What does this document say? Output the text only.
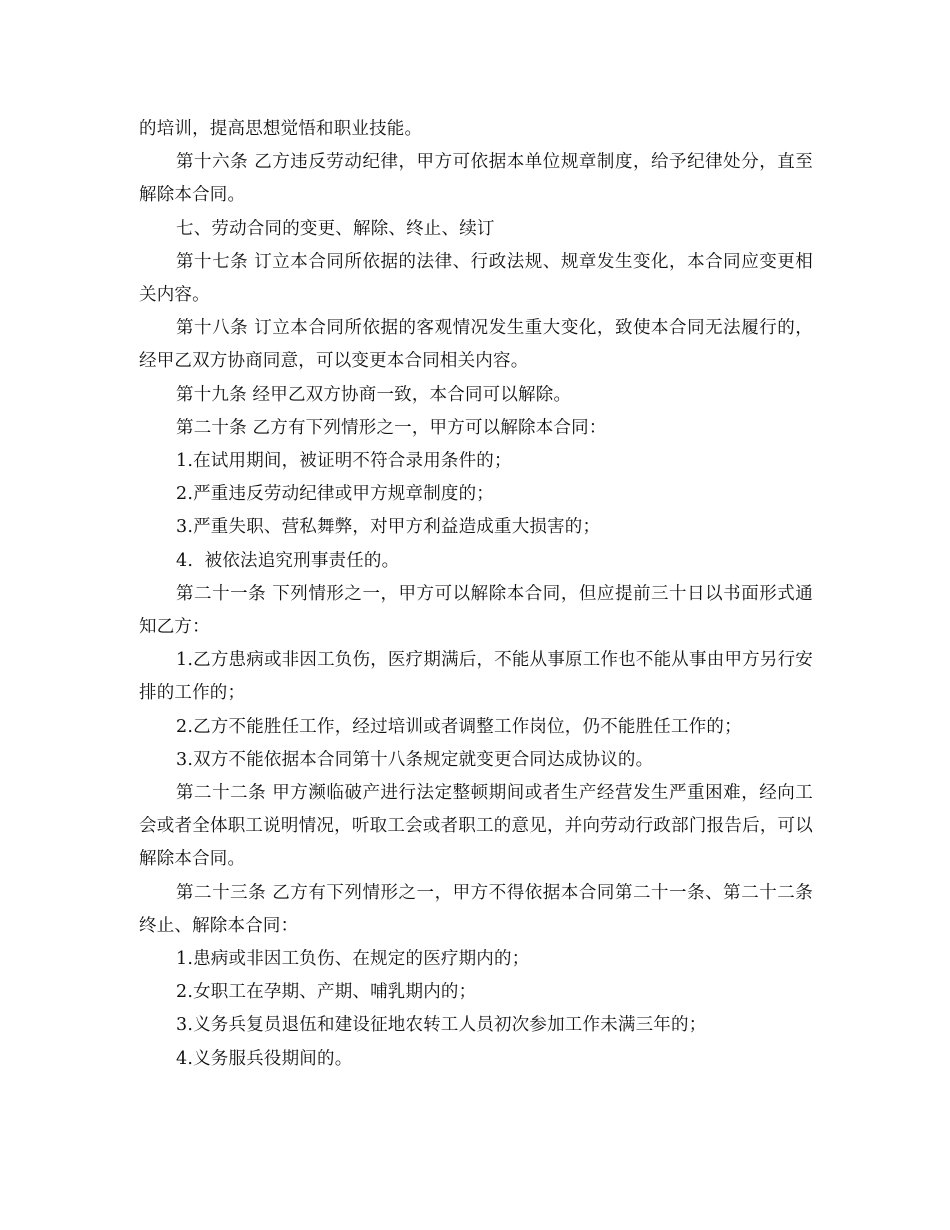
的培训，提高思想觉悟和职业技能。

第十六条 乙方违反劳动纪律，甲方可依据本单位规章制度，给予纪律处分，直至解除本合同。

七、劳动合同的变更、解除、终止、续订

第十七条 订立本合同所依据的法律、行政法规、规章发生变化，本合同应变更相关内容。

第十八条 订立本合同所依据的客观情况发生重大变化，致使本合同无法履行的，经甲乙双方协商同意，可以变更本合同相关内容。

第十九条 经甲乙双方协商一致，本合同可以解除。

第二十条 乙方有下列情形之一，甲方可以解除本合同：

1.在试用期间，被证明不符合录用条件的；

2.严重违反劳动纪律或甲方规章制度的；

3.严重失职、营私舞弊，对甲方利益造成重大损害的；

4.  被依法追究刑事责任的。

第二十一条 下列情形之一，甲方可以解除本合同，但应提前三十日以书面形式通知乙方：

1.乙方患病或非因工负伤，医疗期满后，不能从事原工作也不能从事由甲方另行安排的工作的；

2.乙方不能胜任工作，经过培训或者调整工作岗位，仍不能胜任工作的；

3.双方不能依据本合同第十八条规定就变更合同达成协议的。

第二十二条 甲方濒临破产进行法定整顿期间或者生产经营发生严重困难，经向工会或者全体职工说明情况，听取工会或者职工的意见，并向劳动行政部门报告后，可以解除本合同。

第二十三条 乙方有下列情形之一，甲方不得依据本合同第二十一条、第二十二条终止、解除本合同：

1.患病或非因工负伤、在规定的医疗期内的；

2.女职工在孕期、产期、哺乳期内的；

3.义务兵复员退伍和建设征地农转工人员初次参加工作未满三年的；

4.义务服兵役期间的。
